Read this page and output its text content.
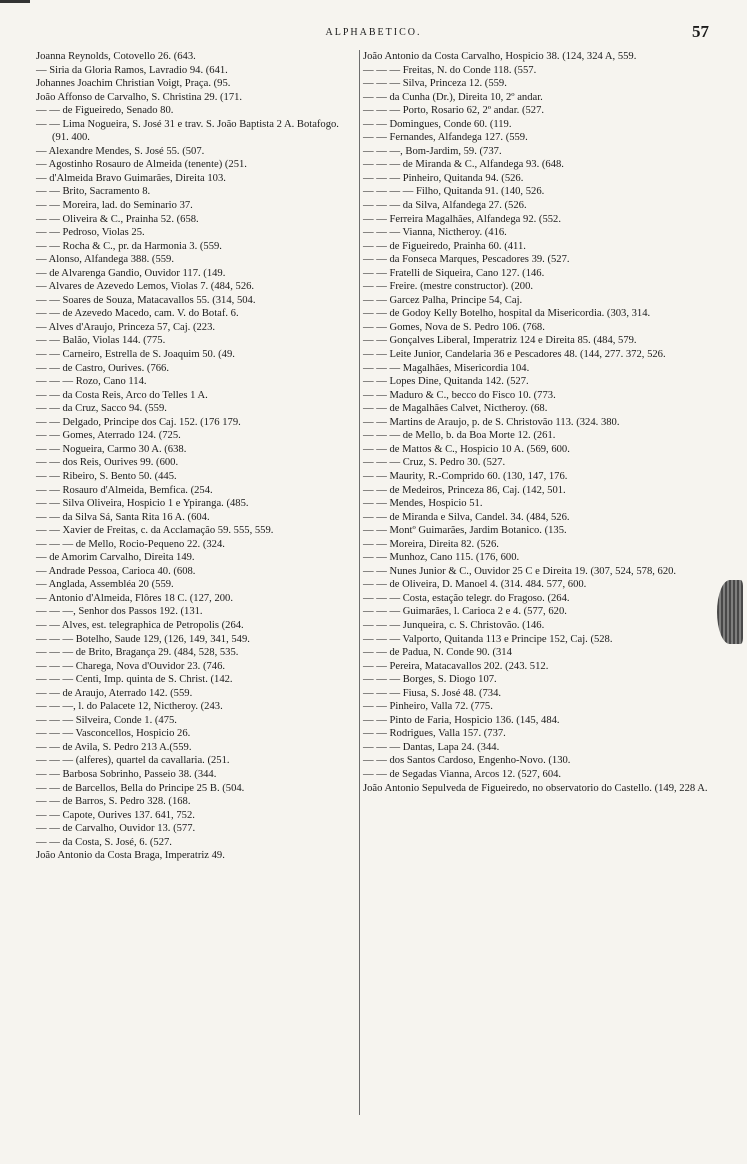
ALPHABETICO.	57
Joanna Reynolds, Cotovello 26. (643.
— Siria da Gloria Ramos, Lavradio 94. (641.
Johannes Joachim Christian Voigt, Praça. (95.
João Affonso de Carvalho, S. Christina 29. (171.
— — de Figueiredo, Senado 80.
— — Lima Nogueira, S. José 31 e trav. S. João Baptista 2 A. Botafogo. (91. 400.
— Alexandre Mendes, S. José 55. (507.
— Agostinho Rosauro de Almeida (tenente) (251.
— d'Almeida Bravo Guimarães, Direita 103.
— — Brito, Sacramento 8.
— — Moreira, lad. do Seminario 37.
— — Oliveira & C., Prainha 52. (658.
— — Pedroso, Violas 25.
— — Rocha & C., pr. da Harmonia 3. (559.
— Alonso, Alfandega 388. (559.
— de Alvarenga Gandio, Ouvidor 117. (149.
— Alvares de Azevedo Lemos, Violas 7. (484, 526.
— — Soares de Souza, Matacavallos 55. (314, 504.
— — de Azevedo Macedo, cam. V. do Botaf. 6.
— Alves d'Araujo, Princeza 57, Caj. (223.
— — Balão, Violas 144. (775.
— — Carneiro, Estrella de S. Joaquim 50. (49.
— — de Castro, Ourives. (766.
— — — Rozo, Cano 114.
— — da Costa Reis, Arco do Telles 1 A.
— — da Cruz, Sacco 94. (559.
— — Delgado, Principe dos Caj. 152. (176 179.
— — Gomes, Aterrado 124. (725.
— — Nogueira, Carmo 30 A. (638.
— — dos Reis, Ourives 99. (600.
— — Ribeiro, S. Bento 50. (445.
— — Rosauro d'Almeida, Bemfica. (254.
— — Silva Oliveira, Hospicio 1 e Ypiranga. (485.
— — da Silva Sá, Santa Rita 16 A. (604.
— — Xavier de Freitas, c. da Acclamação 59. 555, 559.
— — — de Mello, Rocio-Pequeno 22. (324.
— de Amorim Carvalho, Direita 149.
— Andrade Pessoa, Carioca 40. (608.
— Anglada, Assembléa 20 (559.
— Antonio d'Almeida, Flôres 18 C. (127, 200.
— — —, Senhor dos Passos 192. (131.
— — Alves, est. telegraphica de Petropolis (264.
— — — Botelho, Saude 129, (126, 149, 341, 549.
— — — de Brito, Bragança 29. (484, 528, 535.
— — — Charega, Nova d'Ouvidor 23. (746.
— — — Centi, Imp. quinta de S. Christ. (142.
— — de Araujo, Aterrado 142. (559.
— — —, l. do Palacete 12, Nictheroy. (243.
— — — Silveira, Conde 1. (475.
— — — Vasconcellos, Hospicio 26.
— — de Avila, S. Pedro 213 A.(559.
— — — (alferes), quartel da cavallaria. (251.
— — Barbosa Sobrinho, Passeio 38. (344.
— — de Barcellos, Bella do Principe 25 B. (504.
— — de Barros, S. Pedro 328. (168.
— — Capote, Ourives 137. 641, 752.
— — de Carvalho, Ouvidor 13. (577.
— — da Costa, S. José, 6. (527.
João Antonio da Costa Braga, Imperatriz 49.
João Antonio da Costa Carvalho, Hospicio 38. (124, 324 A, 559.
— — — Freitas, N. do Conde 118. (557.
— — — Silva, Princeza 12. (559.
— — da Cunha (Dr.), Direita 10, 2º andar.
— — — Porto, Rosario 62, 2º andar. (527.
— — Domingues, Conde 60. (119.
— — Fernandes, Alfandega 127. (559.
— — —, Bom-Jardim, 59. (737.
— — — de Miranda & C., Alfandega 93. (648.
— — — Pinheiro, Quitanda 94. (526.
— — — — Filho, Quitanda 91. (140, 526.
— — — da Silva, Alfandega 27. (526.
— — Ferreira Magalhães, Alfandega 92. (552.
— — — Vianna, Nictheroy. (416.
— — de Figueiredo, Prainha 60. (411.
— — da Fonseca Marques, Pescadores 39. (527.
— — Fratelli de Siqueira, Cano 127. (146.
— — Freire. (mestre constructor). (200.
— — Garcez Palha, Principe 54, Caj.
— — de Godoy Kelly Botelho, hospital da Misericordia. (303, 314.
— — Gomes, Nova de S. Pedro 106. (768.
— — Gonçalves Liberal, Imperatriz 124 e Direita 85. (484, 579.
— — Leite Junior, Candelaria 36 e Pescadores 48. (144, 277. 372, 526.
— — — Magalhães, Misericordia 104.
— — Lopes Dine, Quitanda 142. (527.
— — Maduro & C., becco do Fisco 10. (773.
— — de Magalhães Calvet, Nictheroy. (68.
— — Martins de Araujo, p. de S. Christovão 113. (324. 380.
— — — de Mello, b. da Boa Morte 12. (261.
— — de Mattos & C., Hospicio 10 A. (569, 600.
— — — Cruz, S. Pedro 30. (527.
— — Maurity, R.-Comprido 60. (130, 147, 176.
— — de Medeiros, Princeza 86, Caj. (142, 501.
— — Mendes, Hospicio 51.
— — de Miranda e Silva, Candel. 34. (484, 526.
— — Montº Guimarães, Jardim Botanico. (135.
— — Moreira, Direita 82. (526.
— — Munhoz, Cano 115. (176, 600.
— — Nunes Junior & C., Ouvidor 25 C e Direita 19. (307, 524, 578, 620.
— — de Oliveira, D. Manoel 4. (314. 484. 577, 600.
— — — Costa, estação telegr. do Fragoso. (264.
— — — Guimarães, l. Carioca 2 e 4. (577, 620.
— — — Junqueira, c. S. Christovão. (146.
— — — Valporto, Quitanda 113 e Principe 152, Caj. (528.
— — de Padua, N. Conde 90. (314
— — Pereira, Matacavallos 202. (243. 512.
— — — Borges, S. Diogo 107.
— — — Fiusa, S. José 48. (734.
— — Pinheiro, Valla 72. (775.
— — Pinto de Faria, Hospicio 136. (145, 484.
— — Rodrigues, Valla 157. (737.
— — — Dantas, Lapa 24. (344.
— — dos Santos Cardoso, Engenho-Novo. (130.
— — de Segadas Vianna, Arcos 12. (527, 604.
João Antonio Sepulveda de Figueiredo, no observatorio do Castello. (149, 228 A.
